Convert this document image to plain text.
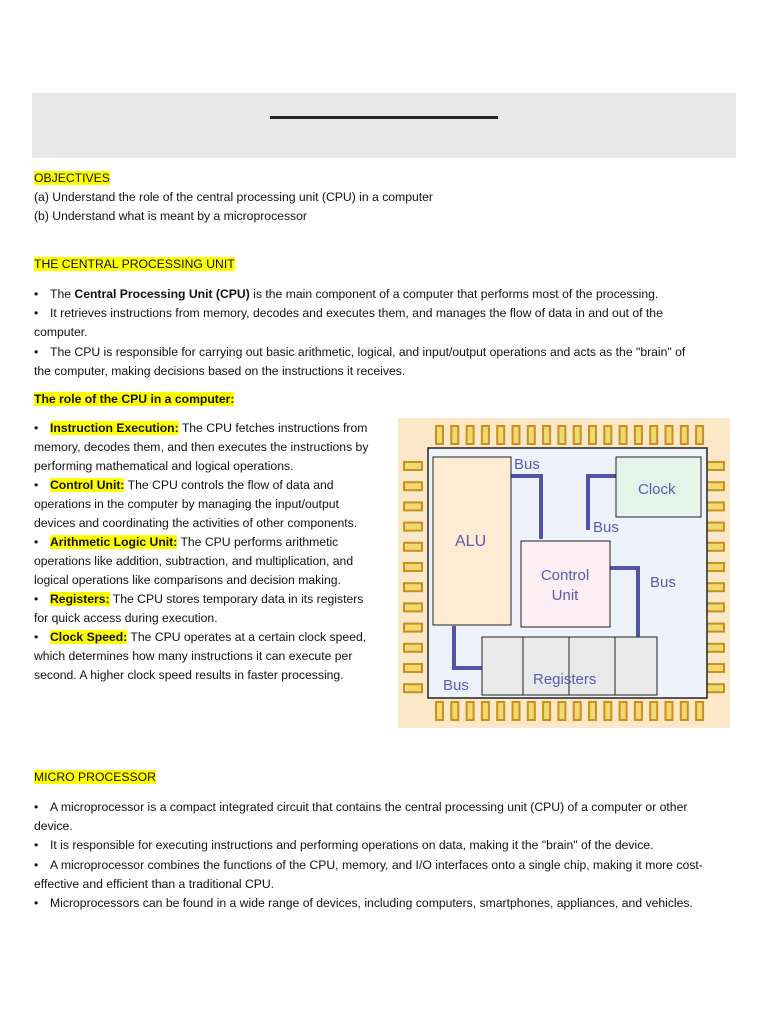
OBJECTIVES
(a) Understand the role of the central processing unit (CPU) in a computer
(b) Understand what is meant by a microprocessor
THE CENTRAL PROCESSING UNIT
• The Central Processing Unit (CPU) is the main component of a computer that performs most of the processing.
• It retrieves instructions from memory, decodes and executes them, and manages the flow of data in and out of the
computer.
• The CPU is responsible for carrying out basic arithmetic, logical, and input/output operations and acts as the "brain" of
the computer, making decisions based on the instructions it receives.
The role of the CPU in a computer:

• Instruction Execution: The CPU fetches instructions from memory, decodes them, and then executes the instructions by performing mathematical and logical operations.

• Control Unit: The CPU controls the flow of data and operations in the computer by managing the input/output devices and coordinating the activities of other components.

• Arithmetic Logic Unit: The CPU performs arithmetic operations like addition, subtraction, and multiplication, and logical operations like comparisons and decision making.

• Registers: The CPU stores temporary data in its registers for quick access during execution.

• Clock Speed: The CPU operates at a certain clock speed, which determines how many instructions it can execute per second. A higher clock speed results in faster processing.

ALU
Clock
Control
Unit
Registers
Bus
Bus
Bus
Bus
MICRO PROCESSOR
• A microprocessor is a compact integrated circuit that contains the central processing unit (CPU) of a computer or other
device.
• It is responsible for executing instructions and performing operations on data, making it the "brain" of the device.
• A microprocessor combines the functions of the CPU, memory, and I/O interfaces onto a single chip, making it more cost-
effective and efficient than a traditional CPU.
• Microprocessors can be found in a wide range of devices, including computers, smartphones, appliances, and vehicles.
